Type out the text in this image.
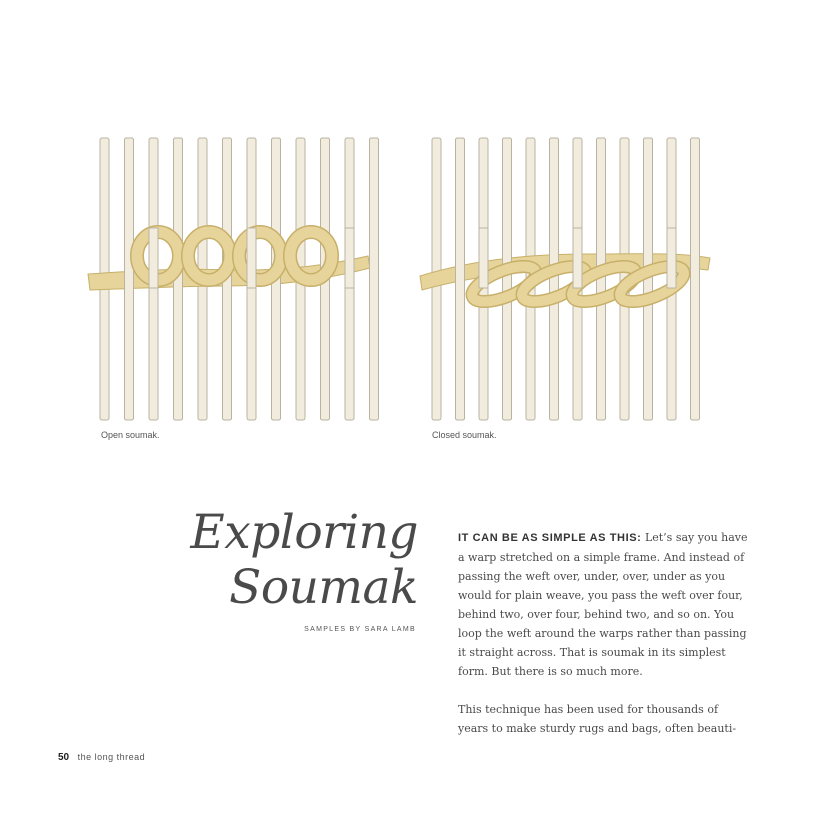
Open soumak.	Closed soumak.
Exploring
Soumak
SAMPLES BY SARA LAMB

IT CAN BE AS SIMPLE AS THIS: Let’s say you have a warp stretched on a simple frame. And instead of passing the weft over, under, over, under as you would for plain weave, you pass the weft over four, behind two, over four, behind two, and so on. You loop the weft around the warps rather than passing it straight across. That is soumak in its simplest form. But there is so much more.

This technique has been used for thousands of years to make sturdy rugs and bags, often beauti-

50 the long thread
